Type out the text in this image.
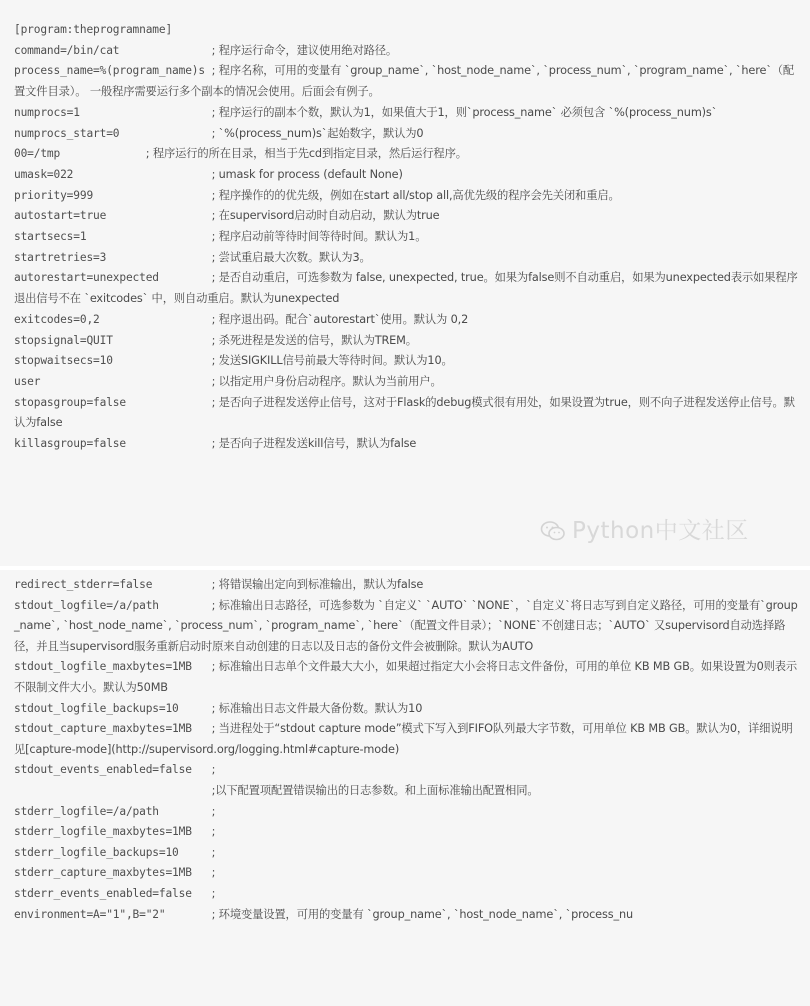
[program:theprogramname]
command=/bin/cat              ; 程序运行命令，建议使用绝对路径。
process_name=%(program_name)s ; 程序名称，可用的变量有 `group_name`, `host_node_name`, `process_num`, `program_name`, `here`（配置文件目录）。 一般程序需要运行多个副本的情况会使用。后面会有例子。
numprocs=1                    ; 程序运行的副本个数，默认为1，如果值大于1，则`process_name` 必须包含 `%(process_num)s`
numprocs_start=0              ; `%(process_num)s`起始数字，默认为0
00=/tmp             ; 程序运行的所在目录，相当于先cd到指定目录，然后运行程序。
umask=022                     ; umask for process (default None)
priority=999                  ; 程序操作的的优先级，例如在start all/stop all,高优先级的程序会先关闭和重启。
autostart=true                ; 在supervisord启动时自动启动，默认为true
startsecs=1                   ; 程序启动前等待时间等待时间。默认为1。
startretries=3                ; 尝试重启最大次数。默认为3。
autorestart=unexpected        ; 是否自动重启，可选参数为 false, unexpected, true。如果为false则不自动重启，如果为unexpected表示如果程序退出信号不在 `exitcodes` 中，则自动重启。默认为unexpected
exitcodes=0,2                 ; 程序退出码。配合`autorestart`使用。默认为 0,2
stopsignal=QUIT               ; 杀死进程是发送的信号，默认为TREM。
stopwaitsecs=10               ; 发送SIGKILL信号前最大等待时间。默认为10。
user                          ; 以指定用户身份启动程序。默认为当前用户。
stopasgroup=false             ; 是否向子进程发送停止信号，这对于Flask的debug模式很有用处，如果设置为true，则不向子进程发送停止信号。默认为false
killasgroup=false             ; 是否向子进程发送kill信号，默认为false
Python中文社区
redirect_stderr=false         ; 将错误输出定向到标准输出，默认为false
stdout_logfile=/a/path        ; 标准输出日志路径，可选参数为 `自定义` `AUTO` `NONE`，`自定义`将日志写到自定义路径，可用的变量有`group_name`, `host_node_name`, `process_num`, `program_name`, `here`（配置文件目录）；`NONE`不创建日志；`AUTO` 又supervisord自动选择路径，并且当supervisord服务重新启动时原来自动创建的日志以及日志的备份文件会被删除。默认为AUTO
stdout_logfile_maxbytes=1MB   ; 标准输出日志单个文件最大大小，如果超过指定大小会将日志文件备份，可用的单位 KB MB GB。如果设置为0则表示不限制文件大小。默认为50MB
stdout_logfile_backups=10     ; 标准输出日志文件最大备份数。默认为10
stdout_capture_maxbytes=1MB   ; 当进程处于“stdout capture mode”模式下写入到FIFO队列最大字节数，可用单位 KB MB GB。默认为0，详细说明见[capture-mode](http://supervisord.org/logging.html#capture-mode)
stdout_events_enabled=false   ;
;以下配置项配置错误输出的日志参数。和上面标准输出配置相同。
stderr_logfile=/a/path        ;
stderr_logfile_maxbytes=1MB   ;
stderr_logfile_backups=10     ;
stderr_capture_maxbytes=1MB   ;
stderr_events_enabled=false   ;
environment=A="1",B="2"       ; 环境变量设置，可用的变量有 `group_name`, `host_node_name`, `process_nu
